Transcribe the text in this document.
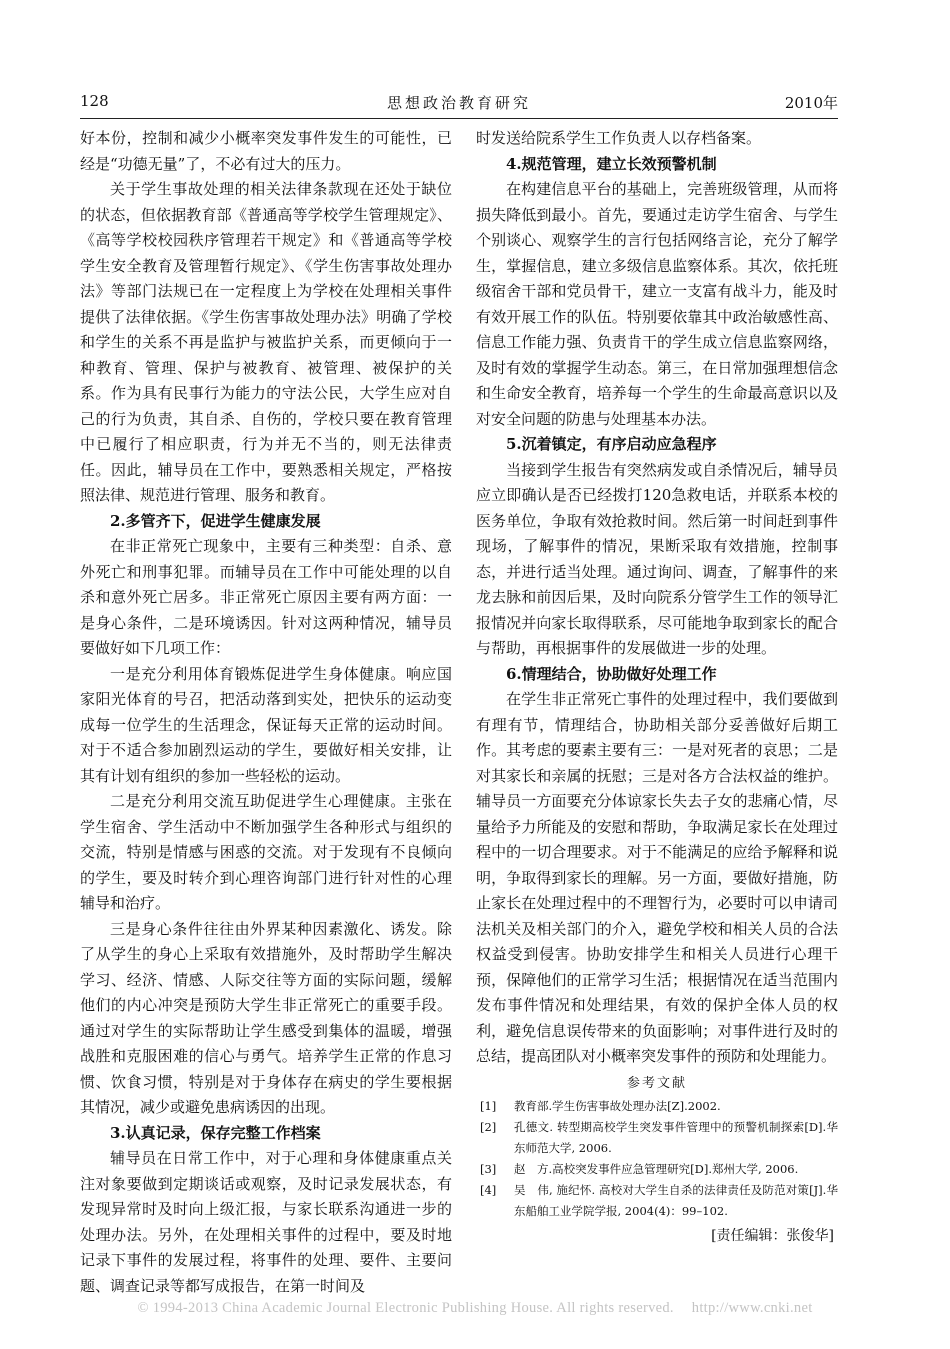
128	思想政治教育研究	2010年

好本份，控制和减少小概率突发事件发生的可能性，已经是“功德无量”了，不必有过大的压力。

关于学生事故处理的相关法律条款现在还处于缺位的状态，但依据教育部《普通高等学校学生管理规定》、《高等学校校园秩序管理若干规定》和《普通高等学校学生安全教育及管理暂行规定》、《学生伤害事故处理办法》等部门法规已在一定程度上为学校在处理相关事件提供了法律依据。《学生伤害事故处理办法》明确了学校和学生的关系不再是监护与被监护关系，而更倾向于一种教育、管理、保护与被教育、被管理、被保护的关系。作为具有民事行为能力的守法公民，大学生应对自己的行为负责，其自杀、自伤的，学校只要在教育管理中已履行了相应职责，行为并无不当的，则无法律责任。因此，辅导员在工作中，要熟悉相关规定，严格按照法律、规范进行管理、服务和教育。

2.多管齐下，促进学生健康发展

在非正常死亡现象中，主要有三种类型：自杀、意外死亡和刑事犯罪。而辅导员在工作中可能处理的以自杀和意外死亡居多。非正常死亡原因主要有两方面：一是身心条件，二是环境诱因。针对这两种情况，辅导员要做好如下几项工作：

一是充分利用体育锻炼促进学生身体健康。响应国家阳光体育的号召，把活动落到实处，把快乐的运动变成每一位学生的生活理念，保证每天正常的运动时间。对于不适合参加剧烈运动的学生，要做好相关安排，让其有计划有组织的参加一些轻松的运动。

二是充分利用交流互助促进学生心理健康。主张在学生宿舍、学生活动中不断加强学生各种形式与组织的交流，特别是情感与困惑的交流。对于发现有不良倾向的学生，要及时转介到心理咨询部门进行针对性的心理辅导和治疗。

三是身心条件往往由外界某种因素激化、诱发。除了从学生的身心上采取有效措施外，及时帮助学生解决学习、经济、情感、人际交往等方面的实际问题，缓解他们的内心冲突是预防大学生非正常死亡的重要手段。通过对学生的实际帮助让学生感受到集体的温暖，增强战胜和克服困难的信心与勇气。培养学生正常的作息习惯、饮食习惯，特别是对于身体存在病史的学生要根据其情况，减少或避免患病诱因的出现。

3.认真记录，保存完整工作档案

辅导员在日常工作中，对于心理和身体健康重点关注对象要做到定期谈话或观察，及时记录发展状态，有发现异常时及时向上级汇报，与家长联系沟通进一步的处理办法。另外，在处理相关事件的过程中，要及时地记录下事件的发展过程，将事件的处理、要件、主要问题、调查记录等都写成报告，在第一时间及

时发送给院系学生工作负责人以存档备案。

4.规范管理，建立长效预警机制

在构建信息平台的基础上，完善班级管理，从而将损失降低到最小。首先，要通过走访学生宿舍、与学生个别谈心、观察学生的言行包括网络言论，充分了解学生，掌握信息，建立多级信息监察体系。其次，依托班级宿舍干部和党员骨干，建立一支富有战斗力，能及时有效开展工作的队伍。特别要依靠其中政治敏感性高、信息工作能力强、负责肯干的学生成立信息监察网络，及时有效的掌握学生动态。第三，在日常加强理想信念和生命安全教育，培养每一个学生的生命最高意识以及对安全问题的防患与处理基本办法。

5.沉着镇定，有序启动应急程序

当接到学生报告有突然病发或自杀情况后，辅导员应立即确认是否已经拨打120急救电话，并联系本校的医务单位，争取有效抢救时间。然后第一时间赶到事件现场，了解事件的情况，果断采取有效措施，控制事态，并进行适当处理。通过询问、调查，了解事件的来龙去脉和前因后果，及时向院系分管学生工作的领导汇报情况并向家长取得联系，尽可能地争取到家长的配合与帮助，再根据事件的发展做进一步的处理。

6.情理结合，协助做好处理工作

在学生非正常死亡事件的处理过程中，我们要做到有理有节，情理结合，协助相关部分妥善做好后期工作。其考虑的要素主要有三：一是对死者的哀思；二是对其家长和亲属的抚慰；三是对各方合法权益的维护。辅导员一方面要充分体谅家长失去子女的悲痛心情，尽量给予力所能及的安慰和帮助，争取满足家长在处理过程中的一切合理要求。对于不能满足的应给予解释和说明，争取得到家长的理解。另一方面，要做好措施，防止家长在处理过程中的不理智行为，必要时可以申请司法机关及相关部门的介入，避免学校和相关人员的合法权益受到侵害。协助安排学生和相关人员进行心理干预，保障他们的正常学习生活；根据情况在适当范围内发布事件情况和处理结果，有效的保护全体人员的权利，避免信息误传带来的负面影响；对事件进行及时的总结，提高团队对小概率突发事件的预防和处理能力。

参考文献
[1] 教育部.学生伤害事故处理办法[Z].2002.
[2] 孔德文. 转型期高校学生突发事件管理中的预警机制探索[D].华东师范大学, 2006.
[3] 赵　方.高校突发事件应急管理研究[D].郑州大学, 2006.
[4] 吴　伟, 施纪怀. 高校对大学生自杀的法律责任及防范对策[J].华东船舶工业学院学报, 2004(4)：99–102.
[责任编辑：张俊华]
© 1994-2013 China Academic Journal Electronic Publishing House. All rights reserved. http://www.cnki.net
